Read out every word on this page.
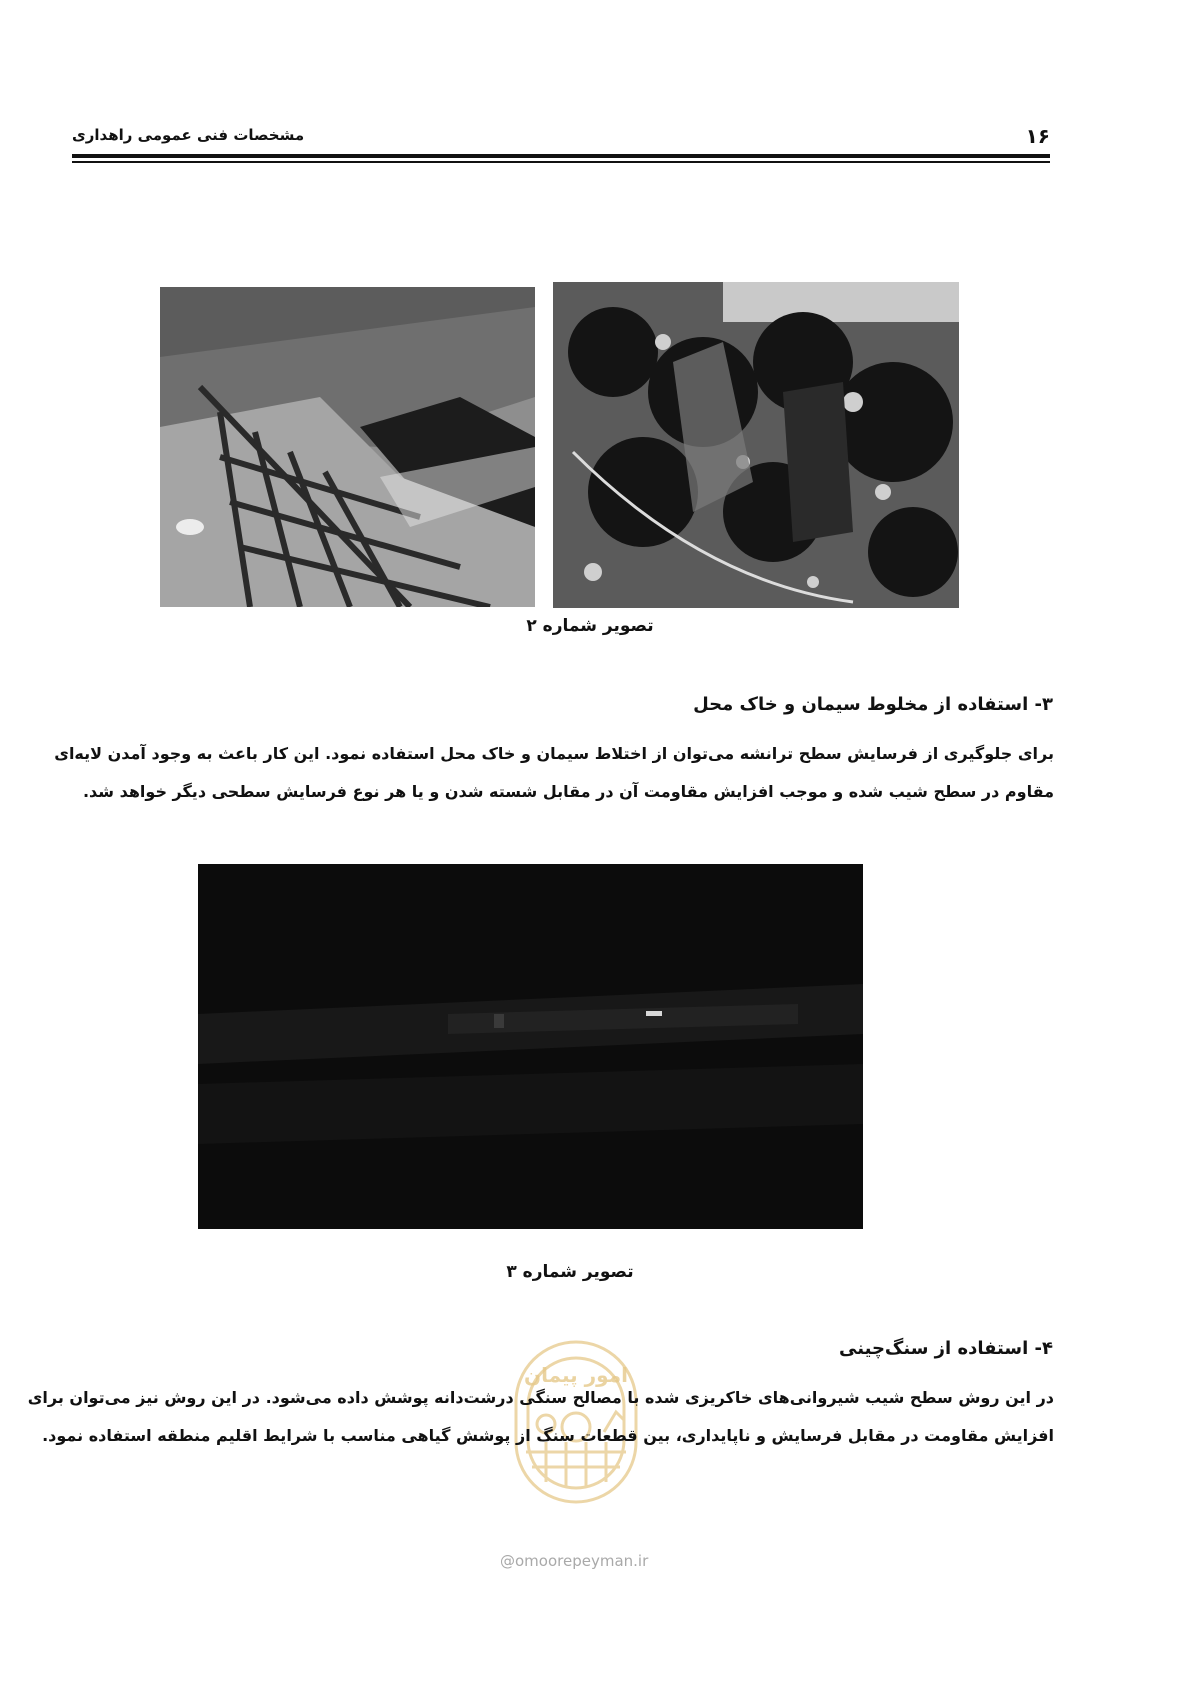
۱۶
مشخصات فنی عمومی راهداری
تصویر شماره ۲
۳- استفاده از مخلوط سیمان و خاک محل
برای جلوگیری از فرسایش سطح ترانشه می‌توان از اختلاط سیمان و خاک محل استفاده نمود. این کار باعث به وجود آمدن لایه‌ای
مقاوم در سطح شیب شده و موجب افزایش مقاومت آن در مقابل شسته شدن و یا هر نوع فرسایش سطحی دیگر خواهد شد.
تصویر شماره ۳
امور پیمان
۴- استفاده از سنگ‌چینی
در این روش سطح شیب شیروانی‌های خاکریزی شده با مصالح سنگی درشت‌دانه پوشش داده می‌شود. در این روش نیز می‌توان برای
افزایش مقاومت در مقابل فرسایش و ناپایداری، بین قطعات سنگ از پوشش گیاهی مناسب با شرایط اقلیم منطقه استفاده نمود.
@omoorepeyman.ir
